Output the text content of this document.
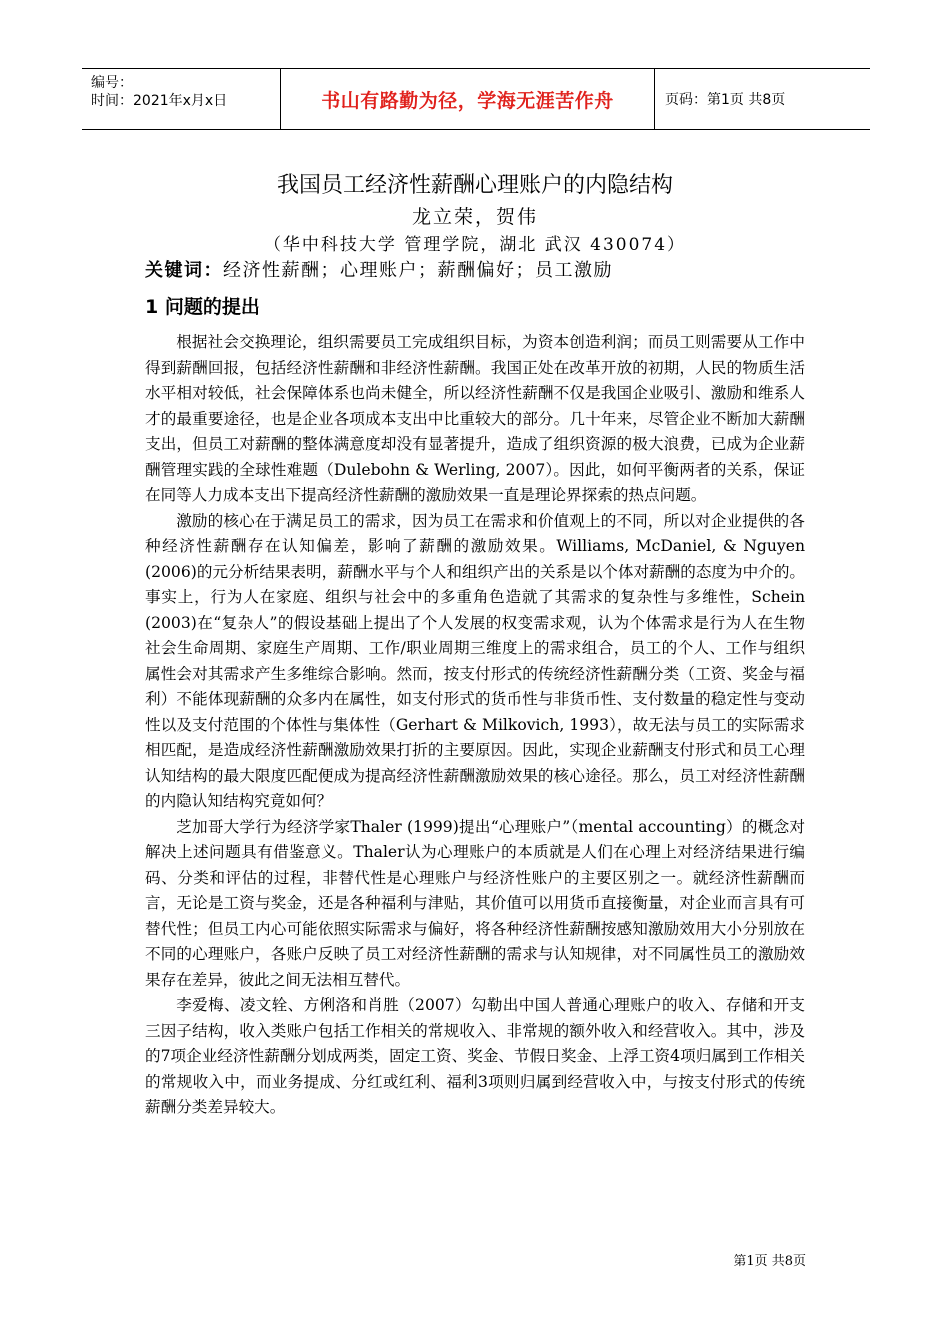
编号：
时间：2021年x月x日	书山有路勤为径，学海无涯苦作舟	页码：第1页 共8页
我国员工经济性薪酬心理账户的内隐结构
龙立荣，贺伟
（华中科技大学 管理学院，湖北 武汉 430074）
关键词：经济性薪酬；心理账户；薪酬偏好；员工激励
1 问题的提出

根据社会交换理论，组织需要员工完成组织目标，为资本创造利润；而员工则需要从工作中得到薪酬回报，包括经济性薪酬和非经济性薪酬。我国正处在改革开放的初期，人民的物质生活水平相对较低，社会保障体系也尚未健全，所以经济性薪酬不仅是我国企业吸引、激励和维系人才的最重要途径，也是企业各项成本支出中比重较大的部分。几十年来，尽管企业不断加大薪酬支出，但员工对薪酬的整体满意度却没有显著提升，造成了组织资源的极大浪费，已成为企业薪酬管理实践的全球性难题（Dulebohn & Werling, 2007）。因此，如何平衡两者的关系，保证在同等人力成本支出下提高经济性薪酬的激励效果一直是理论界探索的热点问题。

激励的核心在于满足员工的需求，因为员工在需求和价值观上的不同，所以对企业提供的各种经济性薪酬存在认知偏差，影响了薪酬的激励效果。Williams, McDaniel, & Nguyen (2006)的元分析结果表明，薪酬水平与个人和组织产出的关系是以个体对薪酬的态度为中介的。事实上，行为人在家庭、组织与社会中的多重角色造就了其需求的复杂性与多维性，Schein (2003)在“复杂人”的假设基础上提出了个人发展的权变需求观，认为个体需求是行为人在生物社会生命周期、家庭生产周期、工作/职业周期三维度上的需求组合，员工的个人、工作与组织属性会对其需求产生多维综合影响。然而，按支付形式的传统经济性薪酬分类（工资、奖金与福利）不能体现薪酬的众多内在属性，如支付形式的货币性与非货币性、支付数量的稳定性与变动性以及支付范围的个体性与集体性（Gerhart & Milkovich, 1993），故无法与员工的实际需求相匹配，是造成经济性薪酬激励效果打折的主要原因。因此，实现企业薪酬支付形式和员工心理认知结构的最大限度匹配便成为提高经济性薪酬激励效果的核心途径。那么，员工对经济性薪酬的内隐认知结构究竟如何？

芝加哥大学行为经济学家Thaler (1999)提出“心理账户”（mental accounting）的概念对解决上述问题具有借鉴意义。Thaler认为心理账户的本质就是人们在心理上对经济结果进行编码、分类和评估的过程，非替代性是心理账户与经济性账户的主要区别之一。就经济性薪酬而言，无论是工资与奖金，还是各种福利与津贴，其价值可以用货币直接衡量，对企业而言具有可替代性；但员工内心可能依照实际需求与偏好，将各种经济性薪酬按感知激励效用大小分别放在不同的心理账户，各账户反映了员工对经济性薪酬的需求与认知规律，对不同属性员工的激励效果存在差异，彼此之间无法相互替代。

李爱梅、凌文辁、方俐洛和肖胜（2007）勾勒出中国人普通心理账户的收入、存储和开支三因子结构，收入类账户包括工作相关的常规收入、非常规的额外收入和经营收入。其中，涉及的7项企业经济性薪酬分划成两类，固定工资、奖金、节假日奖金、上浮工资4项归属到工作相关的常规收入中，而业务提成、分红或红利、福利3项则归属到经营收入中，与按支付形式的传统薪酬分类差异较大。

第1页 共8页
